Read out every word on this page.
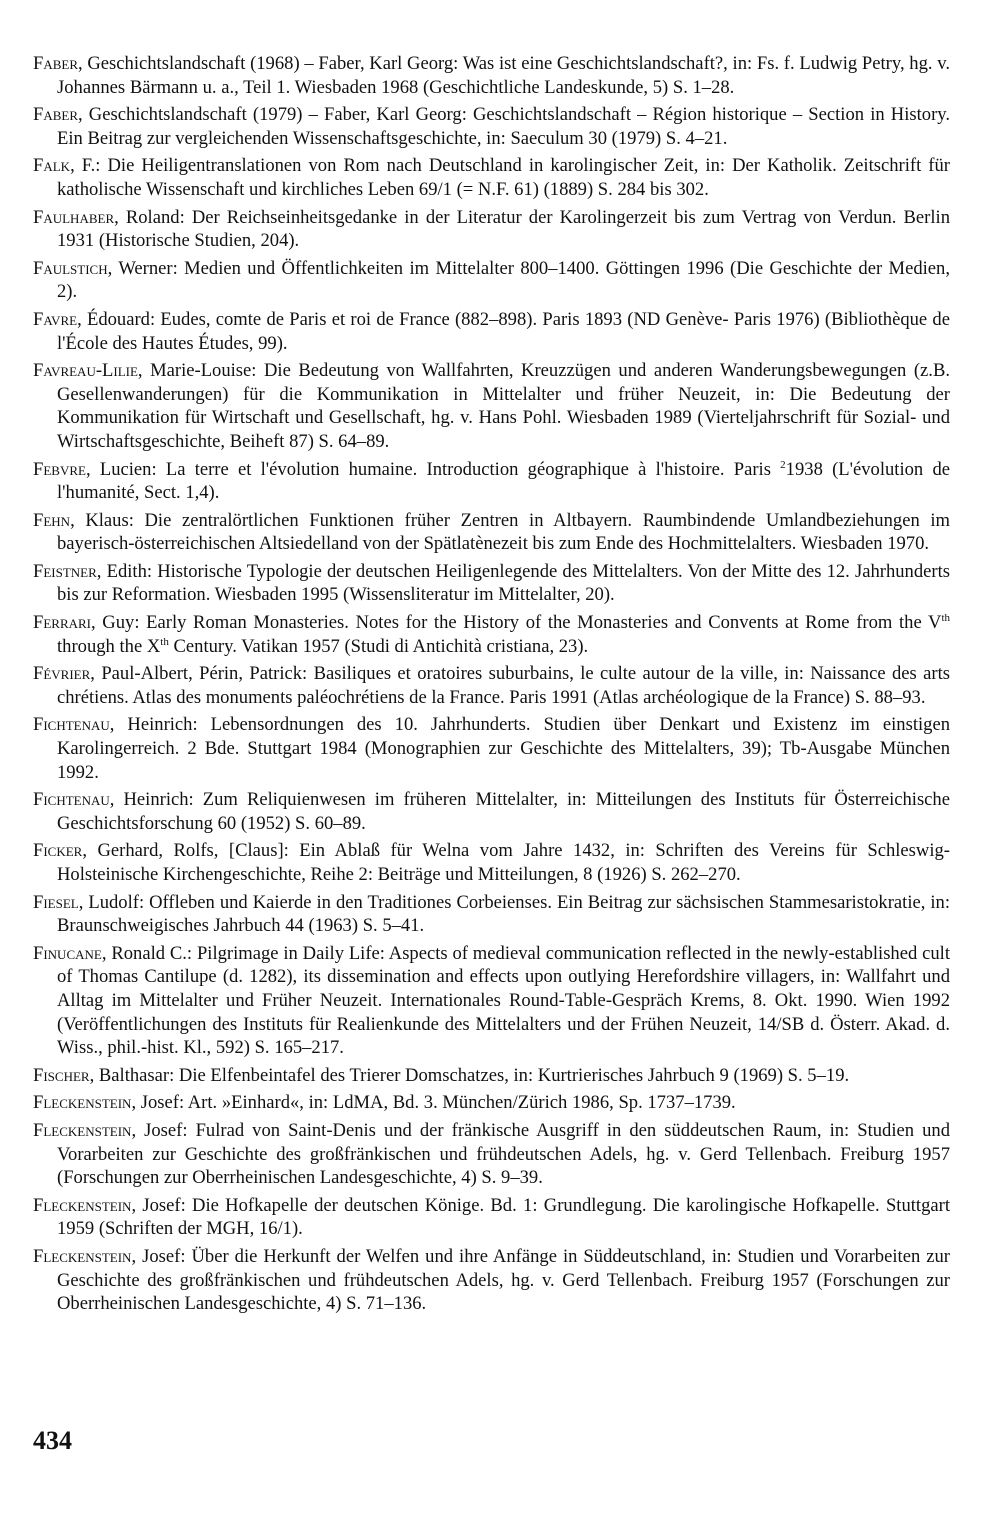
Faber, Geschichtslandschaft (1968) – Faber, Karl Georg: Was ist eine Geschichtslandschaft?, in: Fs. f. Ludwig Petry, hg. v. Johannes Bärmann u. a., Teil 1. Wiesbaden 1968 (Geschichtliche Landeskunde, 5) S. 1–28.

Faber, Geschichtslandschaft (1979) – Faber, Karl Georg: Geschichtslandschaft – Région historique – Section in History. Ein Beitrag zur vergleichenden Wissenschaftsgeschichte, in: Saeculum 30 (1979) S. 4–21.

Falk, F.: Die Heiligentranslationen von Rom nach Deutschland in karolingischer Zeit, in: Der Katholik. Zeitschrift für katholische Wissenschaft und kirchliches Leben 69/1 (= N.F. 61) (1889) S. 284 bis 302.

Faulhaber, Roland: Der Reichseinheitsgedanke in der Literatur der Karolingerzeit bis zum Vertrag von Verdun. Berlin 1931 (Historische Studien, 204).

Faulstich, Werner: Medien und Öffentlichkeiten im Mittelalter 800–1400. Göttingen 1996 (Die Geschichte der Medien, 2).

Favre, Édouard: Eudes, comte de Paris et roi de France (882–898). Paris 1893 (ND Genève- Paris 1976) (Bibliothèque de l'École des Hautes Études, 99).

Favreau-Lilie, Marie-Louise: Die Bedeutung von Wallfahrten, Kreuzzügen und anderen Wanderungsbewegungen (z.B. Gesellenwanderungen) für die Kommunikation in Mittelalter und früher Neuzeit, in: Die Bedeutung der Kommunikation für Wirtschaft und Gesellschaft, hg. v. Hans Pohl. Wiesbaden 1989 (Vierteljahrschrift für Sozial- und Wirtschaftsgeschichte, Beiheft 87) S. 64–89.

Febvre, Lucien: La terre et l'évolution humaine. Introduction géographique à l'histoire. Paris $^2$1938 (L'évolution de l'humanité, Sect. 1,4).

Fehn, Klaus: Die zentralörtlichen Funktionen früher Zentren in Altbayern. Raumbindende Umlandbeziehungen im bayerisch-österreichischen Altsiedelland von der Spätlatènezeit bis zum Ende des Hochmittelalters. Wiesbaden 1970.

Feistner, Edith: Historische Typologie der deutschen Heiligenlegende des Mittelalters. Von der Mitte des 12. Jahrhunderts bis zur Reformation. Wiesbaden 1995 (Wissensliteratur im Mittelalter, 20).

Ferrari, Guy: Early Roman Monasteries. Notes for the History of the Monasteries and Convents at Rome from the Vth through the Xth Century. Vatikan 1957 (Studi di Antichità cristiana, 23).

Février, Paul-Albert, Périn, Patrick: Basiliques et oratoires suburbains, le culte autour de la ville, in: Naissance des arts chrétiens. Atlas des monuments paléochrétiens de la France. Paris 1991 (Atlas archéologique de la France) S. 88–93.

Fichtenau, Heinrich: Lebensordnungen des 10. Jahrhunderts. Studien über Denkart und Existenz im einstigen Karolingerreich. 2 Bde. Stuttgart 1984 (Monographien zur Geschichte des Mittelalters, 39); Tb-Ausgabe München 1992.

Fichtenau, Heinrich: Zum Reliquienwesen im früheren Mittelalter, in: Mitteilungen des Instituts für Österreichische Geschichtsforschung 60 (1952) S. 60–89.

Ficker, Gerhard, Rolfs, [Claus]: Ein Ablaß für Welna vom Jahre 1432, in: Schriften des Vereins für Schleswig-Holsteinische Kirchengeschichte, Reihe 2: Beiträge und Mitteilungen, 8 (1926) S. 262–270.

Fiesel, Ludolf: Offleben und Kaierde in den Traditiones Corbeienses. Ein Beitrag zur sächsischen Stammesaristokratie, in: Braunschweigisches Jahrbuch 44 (1963) S. 5–41.

Finucane, Ronald C.: Pilgrimage in Daily Life: Aspects of medieval communication reflected in the newly-established cult of Thomas Cantilupe (d. 1282), its dissemination and effects upon outlying Herefordshire villagers, in: Wallfahrt und Alltag im Mittelalter und Früher Neuzeit. Internationales Round-Table-Gespräch Krems, 8. Okt. 1990. Wien 1992 (Veröffentlichungen des Instituts für Realienkunde des Mittelalters und der Frühen Neuzeit, 14/SB d. Österr. Akad. d. Wiss., phil.-hist. Kl., 592) S. 165–217.

Fischer, Balthasar: Die Elfenbeintafel des Trierer Domschatzes, in: Kurtrierisches Jahrbuch 9 (1969) S. 5–19.

Fleckenstein, Josef: Art. »Einhard«, in: LdMA, Bd. 3. München/Zürich 1986, Sp. 1737–1739.

Fleckenstein, Josef: Fulrad von Saint-Denis und der fränkische Ausgriff in den süddeutschen Raum, in: Studien und Vorarbeiten zur Geschichte des großfränkischen und frühdeutschen Adels, hg. v. Gerd Tellenbach. Freiburg 1957 (Forschungen zur Oberrheinischen Landesgeschichte, 4) S. 9–39.

Fleckenstein, Josef: Die Hofkapelle der deutschen Könige. Bd. 1: Grundlegung. Die karolingische Hofkapelle. Stuttgart 1959 (Schriften der MGH, 16/1).

Fleckenstein, Josef: Über die Herkunft der Welfen und ihre Anfänge in Süddeutschland, in: Studien und Vorarbeiten zur Geschichte des großfränkischen und frühdeutschen Adels, hg. v. Gerd Tellenbach. Freiburg 1957 (Forschungen zur Oberrheinischen Landesgeschichte, 4) S. 71–136.

434
